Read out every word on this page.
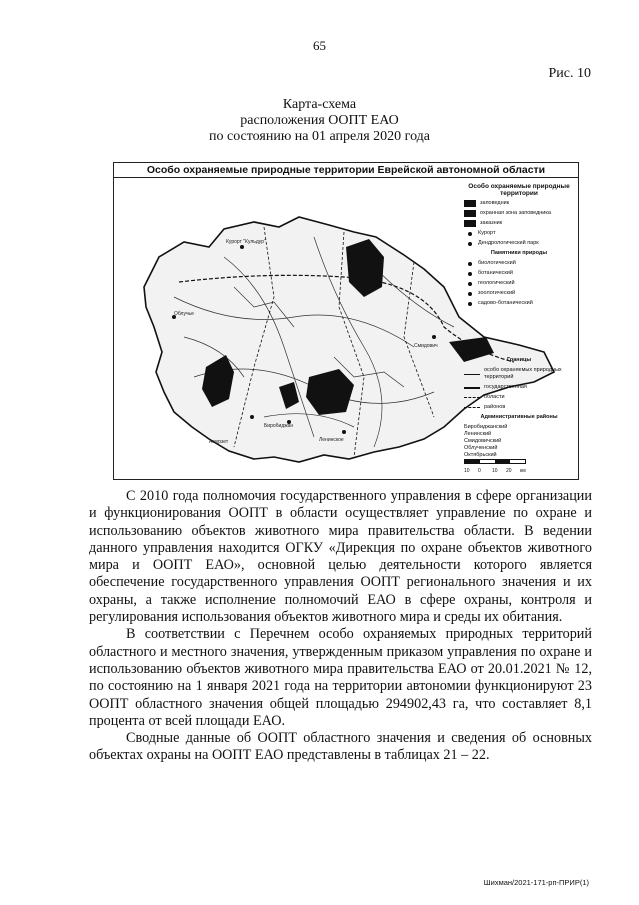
65
Рис. 10
Карта-схема
расположения ООПТ ЕАО
по состоянию на 01 апреля 2020 года
Особо охраняемые природные территории Еврейской автономной области
Курорт "Кульдур"
Облучье
Смидович
Биробиджан
Ленинское
Амурзет
Особо охраняемые природные территории
заповедник
охранная зона заповедника
заказник
Курорт
Дендрологический парк
Памятники природы
биологический
ботанический
геологический
зоологический
садово-ботанический
Границы
особо охраняемых природных территорий
государственная
области
районов
Административные районы
Биробиджанский
Ленинский
Смидовичский
Облученский
Октябрьский
10	0	10	20	км

С 2010 года полномочия государственного управления в сфере организации и функционирования ООПТ в области осуществляет управление по охране и использованию объектов животного мира правительства области. В ведении данного управления находится ОГКУ «Дирекция по охране объектов животного мира и ООПТ ЕАО», основной целью деятельности которого является обеспечение государственного управления ООПТ регионального значения и их охраны, а также исполнение полномочий ЕАО в сфере охраны, контроля и регулирования использования объектов животного мира и среды их обитания.

В соответствии с Перечнем особо охраняемых природных территорий областного и местного значения, утвержденным приказом управления по охране и использованию объектов животного мира правительства ЕАО от 20.01.2021 № 12, по состоянию на 1 января 2021 года на территории автономии функционируют 23 ООПТ областного значения общей площадью 294902,43 га, что составляет 8,1 процента от всей площади ЕАО.

Сводные данные об ООПТ областного значения и сведения об основных объектах охраны на ООПТ ЕАО представлены в таблицах 21 – 22.

Шихман/2021-171-рп-ПРИР(1)
